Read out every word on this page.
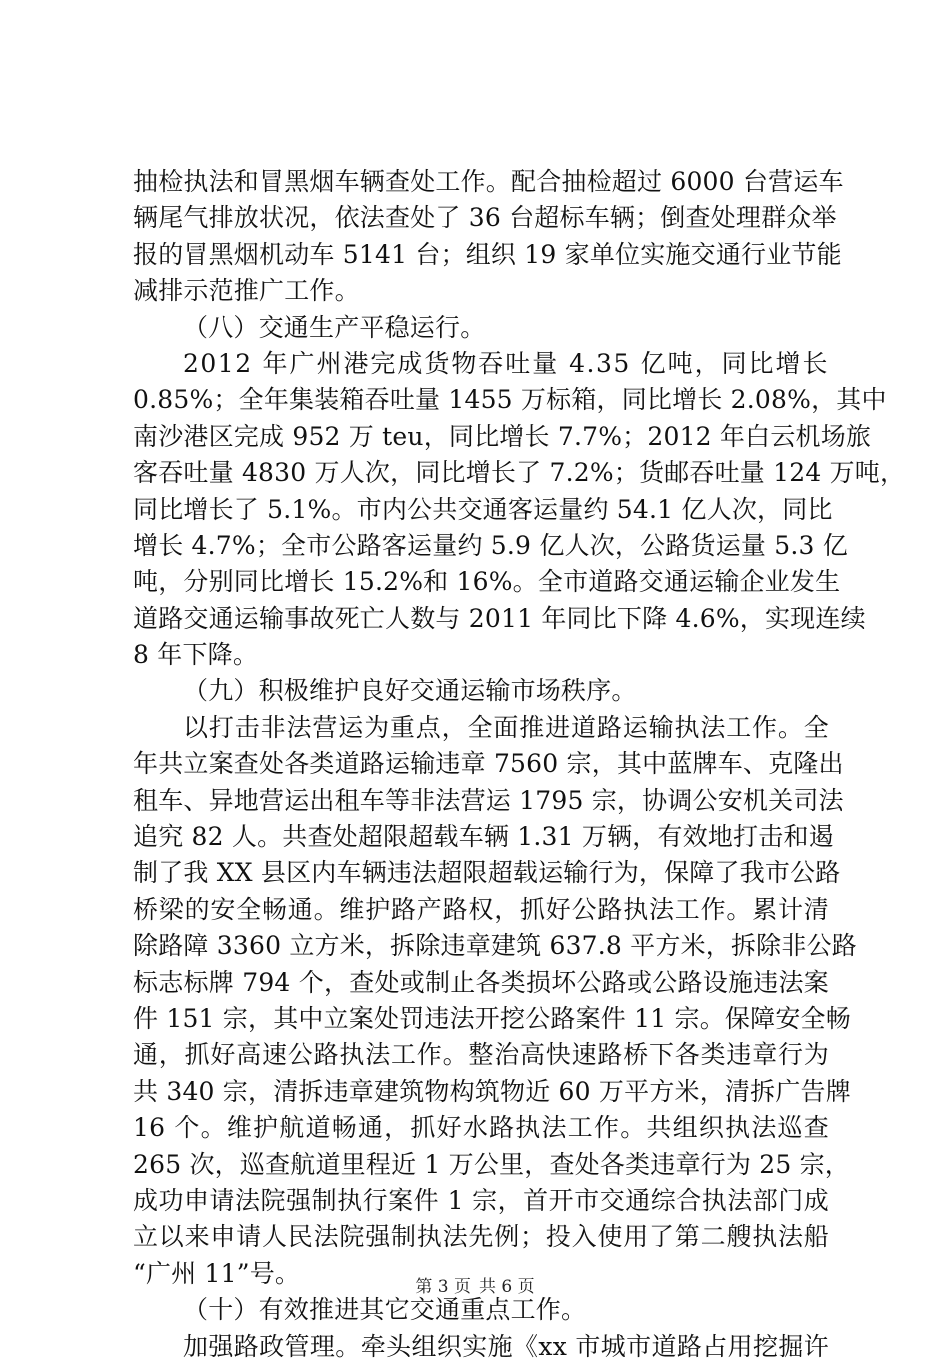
抽检执法和冒黑烟车辆查处工作。配合抽检超过 6000 台营运车
辆尾气排放状况，依法查处了 36 台超标车辆；倒查处理群众举
报的冒黑烟机动车 5141 台；组织 19 家单位实施交通行业节能
减排示范推广工作。
（八）交通生产平稳运行。
2012 年广州港完成货物吞吐量 4.35 亿吨，同比增长
0.85%；全年集装箱吞吐量 1455 万标箱，同比增长 2.08%，其中
南沙港区完成 952 万 teu，同比增长 7.7%；2012 年白云机场旅
客吞吐量 4830 万人次，同比增长了 7.2%；货邮吞吐量 124 万吨，
同比增长了 5.1%。市内公共交通客运量约 54.1 亿人次，同比
增长 4.7%；全市公路客运量约 5.9 亿人次，公路货运量 5.3 亿
吨，分别同比增长 15.2%和 16%。全市道路交通运输企业发生
道路交通运输事故死亡人数与 2011 年同比下降 4.6%，实现连续
8 年下降。
（九）积极维护良好交通运输市场秩序。
以打击非法营运为重点，全面推进道路运输执法工作。全
年共立案查处各类道路运输违章 7560 宗，其中蓝牌车、克隆出
租车、异地营运出租车等非法营运 1795 宗，协调公安机关司法
追究 82 人。共查处超限超载车辆 1.31 万辆，有效地打击和遏
制了我 XX 县区内车辆违法超限超载运输行为，保障了我市公路
桥梁的安全畅通。维护路产路权，抓好公路执法工作。累计清
除路障 3360 立方米，拆除违章建筑 637.8 平方米，拆除非公路
标志标牌 794 个，查处或制止各类损坏公路或公路设施违法案
件 151 宗，其中立案处罚违法开挖公路案件 11 宗。保障安全畅
通，抓好高速公路执法工作。整治高快速路桥下各类违章行为
共 340 宗，清拆违章建筑物构筑物近 60 万平方米，清拆广告牌
16 个。维护航道畅通，抓好水路执法工作。共组织执法巡查
265 次，巡查航道里程近 1 万公里，查处各类违章行为 25 宗，
成功申请法院强制执行案件 1 宗，首开市交通综合执法部门成
立以来申请人民法院强制执法先例；投入使用了第二艘执法船
“广州 11”号。
（十）有效推进其它交通重点工作。
加强路政管理。牵头组织实施《xx 市城市道路占用挖掘许
第 3 页 共 6 页
